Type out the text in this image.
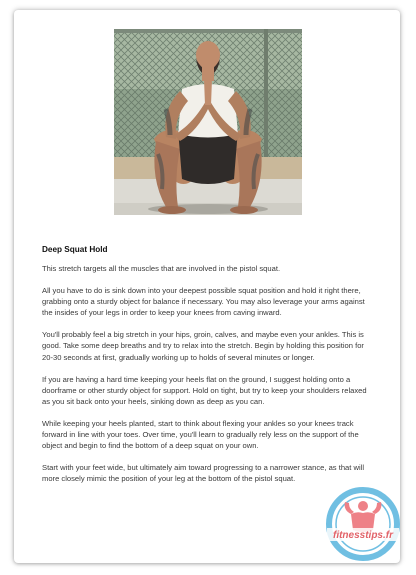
Deep Squat Hold

This stretch targets all the muscles that are involved in the pistol squat.

All you have to do is sink down into your deepest possible squat position and hold it right there, grabbing onto a sturdy object for balance if necessary. You may also leverage your arms against the insides of your legs in order to keep your knees from caving inward.

You'll probably feel a big stretch in your hips, groin, calves, and maybe even your ankles. This is good. Take some deep breaths and try to relax into the stretch. Begin by holding this position for 20-30 seconds at first, gradually working up to holds of several minutes or longer.

If you are having a hard time keeping your heels flat on the ground, I suggest holding onto a doorframe or other sturdy object for support. Hold on tight, but try to keep your shoulders relaxed as you sit back onto your heels, sinking down as deep as you can.

While keeping your heels planted, start to think about flexing your ankles so your knees track forward in line with your toes. Over time, you'll learn to gradually rely less on the support of the object and begin to find the bottom of a deep squat on your own.

Start with your feet wide, but ultimately aim toward progressing to a narrower stance, as that will more closely mimic the position of your leg at the bottom of the pistol squat.

fitnesstips.fr
